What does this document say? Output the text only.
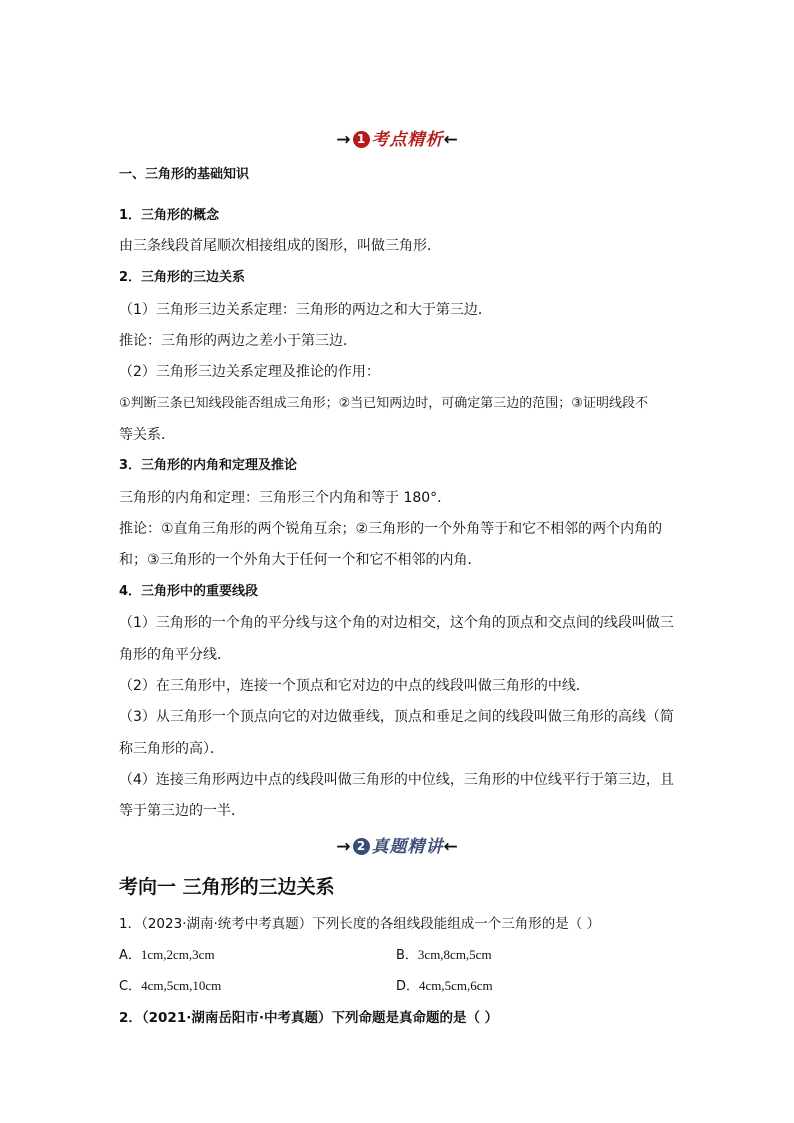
→ 1 考点精析←
一、三角形的基础知识
1．三角形的概念
由三条线段首尾顺次相接组成的图形，叫做三角形．
2．三角形的三边关系
（1）三角形三边关系定理：三角形的两边之和大于第三边．
推论：三角形的两边之差小于第三边．
（2）三角形三边关系定理及推论的作用：
①判断三条已知线段能否组成三角形；②当已知两边时，可确定第三边的范围；③证明线段不
等关系．
3．三角形的内角和定理及推论
三角形的内角和定理：三角形三个内角和等于 180°．
推论：①直角三角形的两个锐角互余；②三角形的一个外角等于和它不相邻的两个内角的
和；③三角形的一个外角大于任何一个和它不相邻的内角．
4．三角形中的重要线段
（1）三角形的一个角的平分线与这个角的对边相交，这个角的顶点和交点间的线段叫做三
角形的角平分线．
（2）在三角形中，连接一个顶点和它对边的中点的线段叫做三角形的中线．
（3）从三角形一个顶点向它的对边做垂线，顶点和垂足之间的线段叫做三角形的高线（简
称三角形的高）．
（4）连接三角形两边中点的线段叫做三角形的中位线，三角形的中位线平行于第三边，且
等于第三边的一半．
→ 2 真题精讲←
考向一 三角形的三边关系
1．（2023·湖南·统考中考真题）下列长度的各组线段能组成一个三角形的是（ ）
A．1cm,2cm,3cm	B．3cm,8cm,5cm
C．4cm,5cm,10cm	D．4cm,5cm,6cm
2．（2021·湖南岳阳市·中考真题）下列命题是真命题的是（ ）
